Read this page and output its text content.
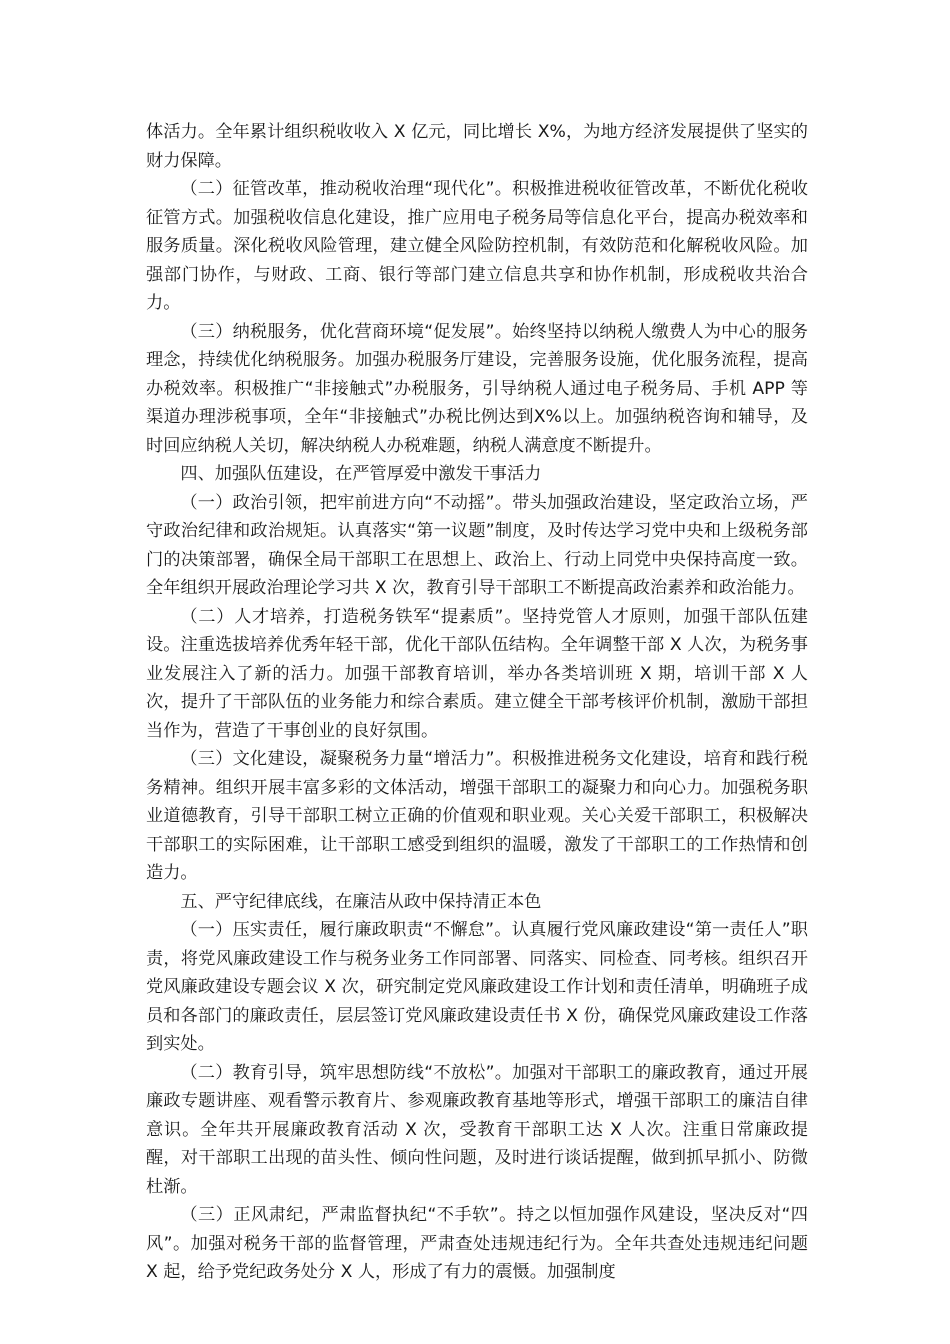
体活力。全年累计组织税收收入 X 亿元，同比增长 X%，为地方经济发展提供了坚实的财力保障。

（二）征管改革，推动税收治理“现代化”。积极推进税收征管改革，不断优化税收征管方式。加强税收信息化建设，推广应用电子税务局等信息化平台，提高办税效率和服务质量。深化税收风险管理，建立健全风险防控机制，有效防范和化解税收风险。加强部门协作，与财政、工商、银行等部门建立信息共享和协作机制，形成税收共治合力。

（三）纳税服务，优化营商环境“促发展”。始终坚持以纳税人缴费人为中心的服务理念，持续优化纳税服务。加强办税服务厅建设，完善服务设施，优化服务流程，提高办税效率。积极推广“非接触式”办税服务，引导纳税人通过电子税务局、手机 APP 等渠道办理涉税事项，全年“非接触式”办税比例达到X%以上。加强纳税咨询和辅导，及时回应纳税人关切，解决纳税人办税难题，纳税人满意度不断提升。

四、加强队伍建设，在严管厚爱中激发干事活力

（一）政治引领，把牢前进方向“不动摇”。带头加强政治建设，坚定政治立场，严守政治纪律和政治规矩。认真落实“第一议题”制度，及时传达学习党中央和上级税务部门的决策部署，确保全局干部职工在思想上、政治上、行动上同党中央保持高度一致。全年组织开展政治理论学习共 X 次，教育引导干部职工不断提高政治素养和政治能力。

（二）人才培养，打造税务铁军“提素质”。坚持党管人才原则，加强干部队伍建设。注重选拔培养优秀年轻干部，优化干部队伍结构。全年调整干部 X 人次，为税务事业发展注入了新的活力。加强干部教育培训，举办各类培训班 X 期，培训干部 X 人次，提升了干部队伍的业务能力和综合素质。建立健全干部考核评价机制，激励干部担当作为，营造了干事创业的良好氛围。

（三）文化建设，凝聚税务力量“增活力”。积极推进税务文化建设，培育和践行税务精神。组织开展丰富多彩的文体活动，增强干部职工的凝聚力和向心力。加强税务职业道德教育，引导干部职工树立正确的价值观和职业观。关心关爱干部职工，积极解决干部职工的实际困难，让干部职工感受到组织的温暖，激发了干部职工的工作热情和创造力。

五、严守纪律底线，在廉洁从政中保持清正本色

（一）压实责任，履行廉政职责“不懈怠”。认真履行党风廉政建设“第一责任人”职责，将党风廉政建设工作与税务业务工作同部署、同落实、同检查、同考核。组织召开党风廉政建设专题会议 X 次，研究制定党风廉政建设工作计划和责任清单，明确班子成员和各部门的廉政责任，层层签订党风廉政建设责任书 X 份，确保党风廉政建设工作落到实处。

（二）教育引导，筑牢思想防线“不放松”。加强对干部职工的廉政教育，通过开展廉政专题讲座、观看警示教育片、参观廉政教育基地等形式，增强干部职工的廉洁自律意识。全年共开展廉政教育活动 X 次，受教育干部职工达 X 人次。注重日常廉政提醒，对干部职工出现的苗头性、倾向性问题，及时进行谈话提醒，做到抓早抓小、防微杜渐。

（三）正风肃纪，严肃监督执纪“不手软”。持之以恒加强作风建设，坚决反对“四风”。加强对税务干部的监督管理，严肃查处违规违纪行为。全年共查处违规违纪问题 X 起，给予党纪政务处分 X 人，形成了有力的震慑。加强制度
